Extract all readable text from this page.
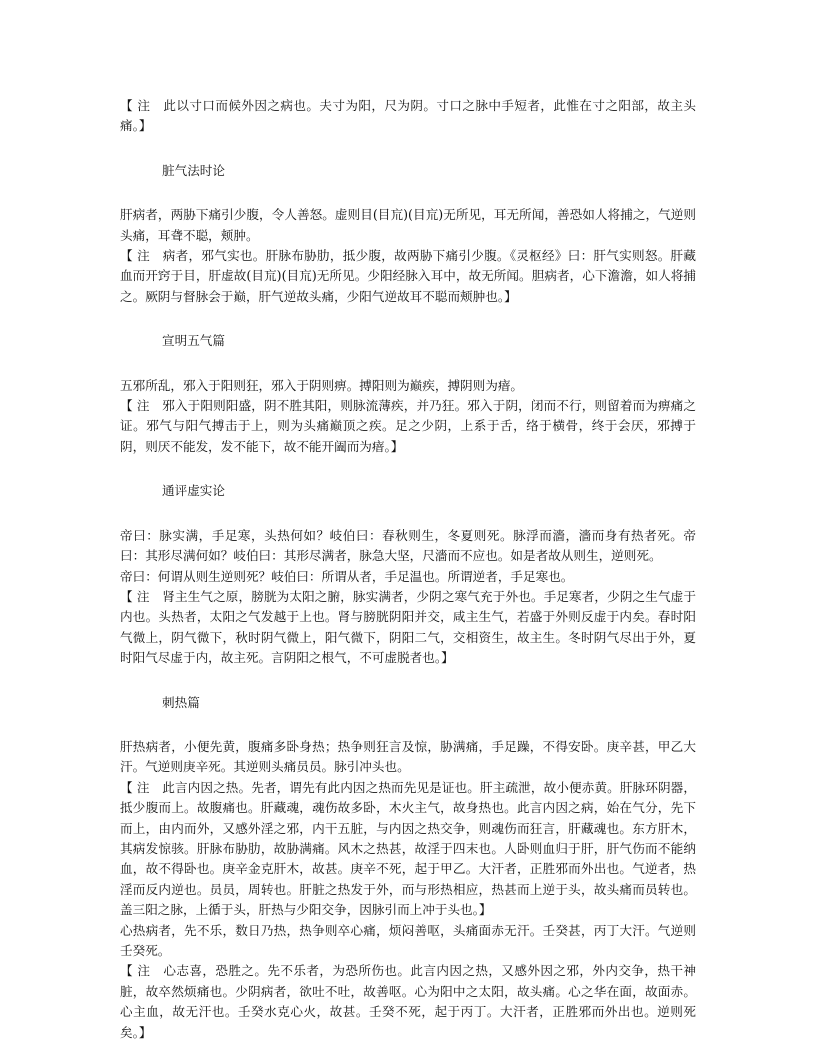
【 注　此以寸口而候外因之病也。夫寸为阳，尺为阴。寸口之脉中手短者，此惟在寸之阳部，故主头痛。】

脏气法时论

肝病者，两胁下痛引少腹，令人善怒。虚则目(目巟)(目巟)无所见，耳无所闻，善恐如人将捕之，气逆则头痛，耳聋不聪，颊肿。

【 注　病者，邪气实也。肝脉布胁肋，抵少腹，故两胁下痛引少腹。《灵枢经》曰：肝气实则怒。肝藏血而开窍于目，肝虚故(目巟)(目巟)无所见。少阳经脉入耳中，故无所闻。胆病者，心下澹澹，如人将捕之。厥阴与督脉会于巅，肝气逆故头痛，少阳气逆故耳不聪而颊肿也。】

宣明五气篇

五邪所乱，邪入于阳则狂，邪入于阴则痹。搏阳则为巅疾，搏阴则为瘖。

【 注　邪入于阳则阳盛，阴不胜其阳，则脉流薄疾，并乃狂。邪入于阴，闭而不行，则留着而为痹痛之证。邪气与阳气搏击于上，则为头痛巅顶之疾。足之少阴，上系于舌，络于横骨，终于会厌，邪搏于阴，则厌不能发，发不能下，故不能开阖而为瘖。】

通评虚实论

帝曰：脉实满，手足寒，头热何如？岐伯曰：春秋则生，冬夏则死。脉浮而濇，濇而身有热者死。帝曰：其形尽满何如？岐伯曰：其形尽满者，脉急大坚，尺濇而不应也。如是者故从则生，逆则死。

帝曰：何谓从则生逆则死？岐伯曰：所谓从者，手足温也。所谓逆者，手足寒也。

【 注　肾主生气之原，膀胱为太阳之腑，脉实满者，少阴之寒气充于外也。手足寒者，少阴之生气虚于内也。头热者，太阳之气发越于上也。肾与膀胱阴阳并交，咸主生气，若盛于外则反虚于内矣。春时阳气微上，阴气微下，秋时阴气微上，阳气微下，阴阳二气，交相资生，故主生。冬时阴气尽出于外，夏时阳气尽虚于内，故主死。言阴阳之根气，不可虚脱者也。】

刺热篇

肝热病者，小便先黄，腹痛多卧身热；热争则狂言及惊，胁满痛，手足躁，不得安卧。庚辛甚，甲乙大汗。气逆则庚辛死。其逆则头痛员员。脉引冲头也。

【 注　此言内因之热。先者，谓先有此内因之热而先见是证也。肝主疏泄，故小便赤黄。肝脉环阴器，抵少腹而上。故腹痛也。肝藏魂，魂伤故多卧，木火主气，故身热也。此言内因之病，始在气分，先下而上，由内而外，又感外淫之邪，内干五脏，与内因之热交争，则魂伤而狂言，肝藏魂也。东方肝木，其病发惊骇。肝脉布胁肋，故胁满痛。风木之热甚，故淫于四末也。人卧则血归于肝，肝气伤而不能纳血，故不得卧也。庚辛金克肝木，故甚。庚辛不死，起于甲乙。大汗者，正胜邪而外出也。气逆者，热淫而反内逆也。员员，周转也。肝脏之热发于外，而与形热相应，热甚而上逆于头，故头痛而员转也。盖三阳之脉，上循于头，肝热与少阳交争，因脉引而上冲于头也。】

心热病者，先不乐，数日乃热，热争则卒心痛，烦闷善呕，头痛面赤无汗。壬癸甚，丙丁大汗。气逆则壬癸死。

【 注　心志喜，恐胜之。先不乐者，为恐所伤也。此言内因之热，又感外因之邪，外内交争，热干神脏，故卒然烦痛也。少阴病者，欲吐不吐，故善呕。心为阳中之太阳，故头痛。心之华在面，故面赤。心主血，故无汗也。壬癸水克心火，故甚。壬癸不死，起于丙丁。大汗者，正胜邪而外出也。逆则死矣。】
